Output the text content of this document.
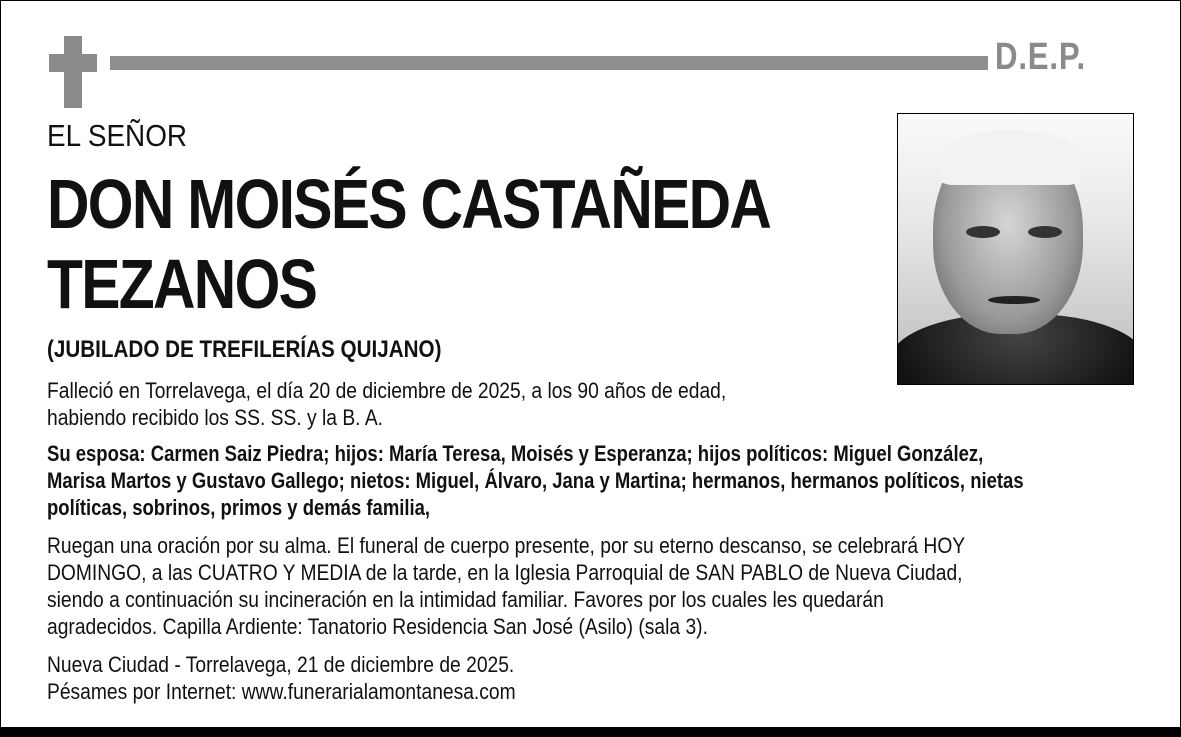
D.E.P.
EL SEÑOR
DON MOISÉS CASTAÑEDA
TEZANOS
(JUBILADO DE TREFILERÍAS QUIJANO)
Falleció en Torrelavega, el día 20 de diciembre de 2025, a los 90 años de edad,
habiendo recibido los SS. SS. y la B. A.
Su esposa: Carmen Saiz Piedra; hijos: María Teresa, Moisés y Esperanza; hijos políticos: Miguel González,
Marisa Martos y Gustavo Gallego; nietos: Miguel, Álvaro, Jana y Martina; hermanos, hermanos políticos, nietas
políticas, sobrinos, primos y demás familia,
Ruegan una oración por su alma. El funeral de cuerpo presente, por su eterno descanso, se celebrará HOY
DOMINGO, a las CUATRO Y MEDIA de la tarde, en la Iglesia Parroquial de SAN PABLO de Nueva Ciudad,
siendo a continuación su incineración en la intimidad familiar. Favores por los cuales les quedarán
agradecidos. Capilla Ardiente: Tanatorio Residencia San José (Asilo) (sala 3).
Nueva Ciudad - Torrelavega, 21 de diciembre de 2025.
Pésames por Internet: www.funerarialamontanesa.com
